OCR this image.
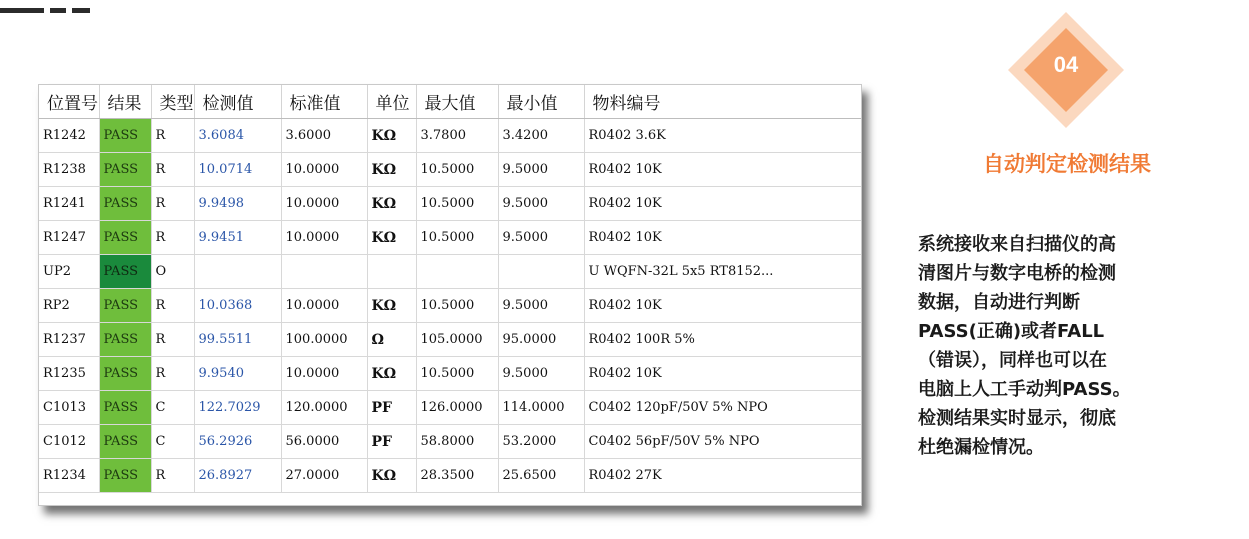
位置号	结果	类型	检测值	标准值	单位	最大值	最小值	物料编号
R1242	PASS	R	3.6084	3.6000	KΩ	3.7800	3.4200	R0402 3.6K
R1238	PASS	R	10.0714	10.0000	KΩ	10.5000	9.5000	R0402 10K
R1241	PASS	R	9.9498	10.0000	KΩ	10.5000	9.5000	R0402 10K
R1247	PASS	R	9.9451	10.0000	KΩ	10.5000	9.5000	R0402 10K
UP2	PASS	O						U WQFN-32L 5x5 RT8152...
RP2	PASS	R	10.0368	10.0000	KΩ	10.5000	9.5000	R0402 10K
R1237	PASS	R	99.5511	100.0000	Ω	105.0000	95.0000	R0402 100R 5%
R1235	PASS	R	9.9540	10.0000	KΩ	10.5000	9.5000	R0402 10K
C1013	PASS	C	122.7029	120.0000	PF	126.0000	114.0000	C0402 120pF/50V 5% NPO
C1012	PASS	C	56.2926	56.0000	PF	58.8000	53.2000	C0402 56pF/50V 5% NPO
R1234	PASS	R	26.8927	27.0000	KΩ	28.3500	25.6500	R0402 27K
04
自动判定检测结果
系统接收来自扫描仪的高
清图片与数字电桥的检测
数据，自动进行判断
PASS(正确)或者FALL
（错误），同样也可以在
电脑上人工手动判PASS。
检测结果实时显示，彻底
杜绝漏检情况。
